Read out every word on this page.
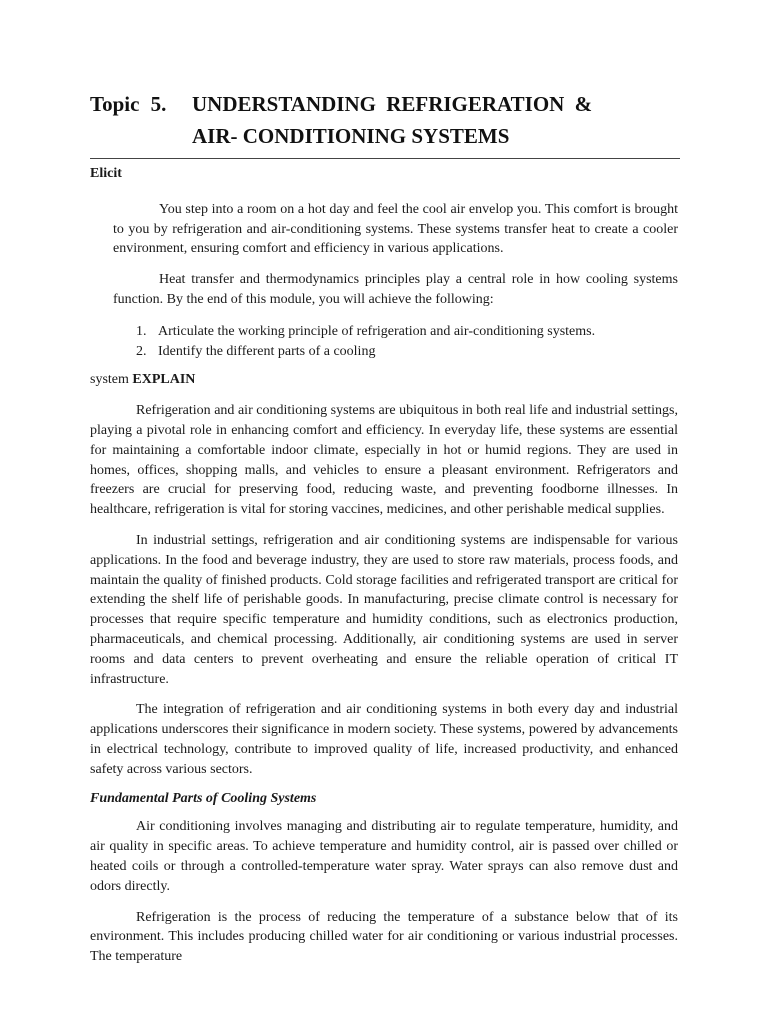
Topic 5.	UNDERSTANDING REFRIGERATION &
AIR- CONDITIONING SYSTEMS

Elicit

You step into a room on a hot day and feel the cool air envelop you. This comfort is brought to you by refrigeration and air-conditioning systems. These systems transfer heat to create a cooler environment, ensuring comfort and efficiency in various applications.

Heat transfer and thermodynamics principles play a central role in how cooling systems function. By the end of this module, you will achieve the following:

1. Articulate the working principle of refrigeration and air-conditioning systems.
2. Identify the different parts of a cooling

system EXPLAIN

Refrigeration and air conditioning systems are ubiquitous in both real life and industrial settings, playing a pivotal role in enhancing comfort and efficiency. In everyday life, these systems are essential for maintaining a comfortable indoor climate, especially in hot or humid regions. They are used in homes, offices, shopping malls, and vehicles to ensure a pleasant environment. Refrigerators and freezers are crucial for preserving food, reducing waste, and preventing foodborne illnesses. In healthcare, refrigeration is vital for storing vaccines, medicines, and other perishable medical supplies.

In industrial settings, refrigeration and air conditioning systems are indispensable for various applications. In the food and beverage industry, they are used to store raw materials, process foods, and maintain the quality of finished products. Cold storage facilities and refrigerated transport are critical for extending the shelf life of perishable goods. In manufacturing, precise climate control is necessary for processes that require specific temperature and humidity conditions, such as electronics production, pharmaceuticals, and chemical processing. Additionally, air conditioning systems are used in server rooms and data centers to prevent overheating and ensure the reliable operation of critical IT infrastructure.

The integration of refrigeration and air conditioning systems in both every day and industrial applications underscores their significance in modern society. These systems, powered by advancements in electrical technology, contribute to improved quality of life, increased productivity, and enhanced safety across various sectors.

Fundamental Parts of Cooling Systems

Air conditioning involves managing and distributing air to regulate temperature, humidity, and air quality in specific areas. To achieve temperature and humidity control, air is passed over chilled or heated coils or through a controlled-temperature water spray. Water sprays can also remove dust and odors directly.

Refrigeration is the process of reducing the temperature of a substance below that of its environment. This includes producing chilled water for air conditioning or various industrial processes. The temperature
